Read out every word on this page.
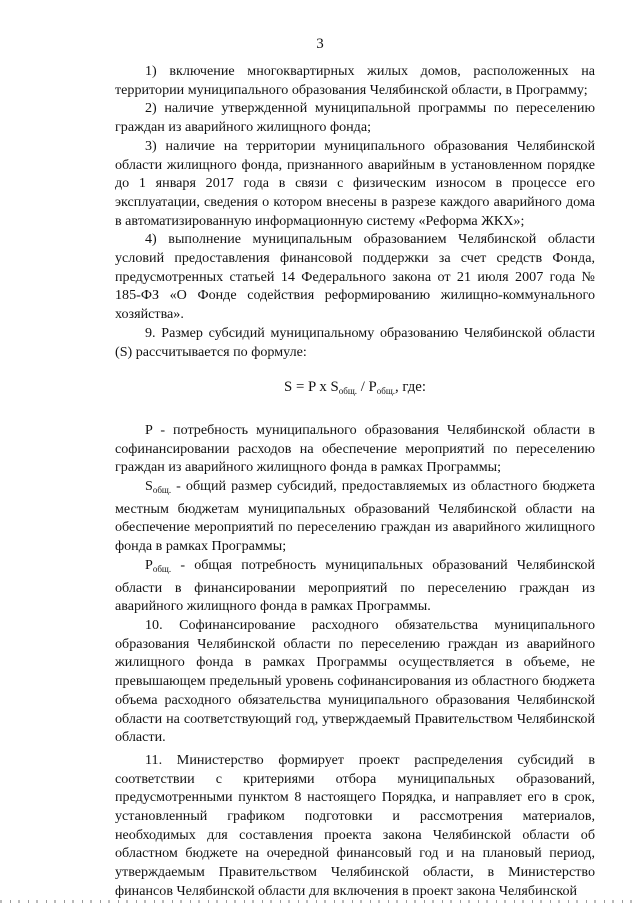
3

1) включение многоквартирных жилых домов, расположенных на территории муниципального образования Челябинской области, в Программу;

2) наличие утвержденной муниципальной программы по переселению граждан из аварийного жилищного фонда;

3) наличие на территории муниципального образования Челябинской области жилищного фонда, признанного аварийным в установленном порядке до 1 января 2017 года в связи с физическим износом в процессе его эксплуатации, сведения о котором внесены в разрезе каждого аварийного дома в автоматизированную информационную систему «Реформа ЖКХ»;

4) выполнение муниципальным образованием Челябинской области условий предоставления финансовой поддержки за счет средств Фонда, предусмотренных статьей 14 Федерального закона от 21 июля 2007 года № 185-ФЗ «О Фонде содействия реформированию жилищно-коммунального хозяйства».

9. Размер субсидий муниципальному образованию Челябинской области (S) рассчитывается по формуле:

S = P x $S_{общ.} / P_{общ.}$, где:

P - потребность муниципального образования Челябинской области в софинансировании расходов на обеспечение мероприятий по переселению граждан из аварийного жилищного фонда в рамках Программы;

$S_{общ.}$ - общий размер субсидий, предоставляемых из областного бюджета местным бюджетам муниципальных образований Челябинской области на обеспечение мероприятий по переселению граждан из аварийного жилищного фонда в рамках Программы;

$P_{общ.}$ - общая потребность муниципальных образований Челябинской области в финансировании мероприятий по переселению граждан из аварийного жилищного фонда в рамках Программы.

10. Софинансирование расходного обязательства муниципального образования Челябинской области по переселению граждан из аварийного жилищного фонда в рамках Программы осуществляется в объеме, не превышающем предельный уровень софинансирования из областного бюджета объема расходного обязательства муниципального образования Челябинской области на соответствующий год, утверждаемый Правительством Челябинской области.

11. Министерство формирует проект распределения субсидий в соответствии с критериями отбора муниципальных образований, предусмотренными пунктом 8 настоящего Порядка, и направляет его в срок, установленный графиком подготовки и рассмотрения материалов, необходимых для составления проекта закона Челябинской области об областном бюджете на очередной финансовый год и на плановый период, утверждаемым Правительством Челябинской области, в Министерство финансов Челябинской области для включения в проект закона Челябинской
